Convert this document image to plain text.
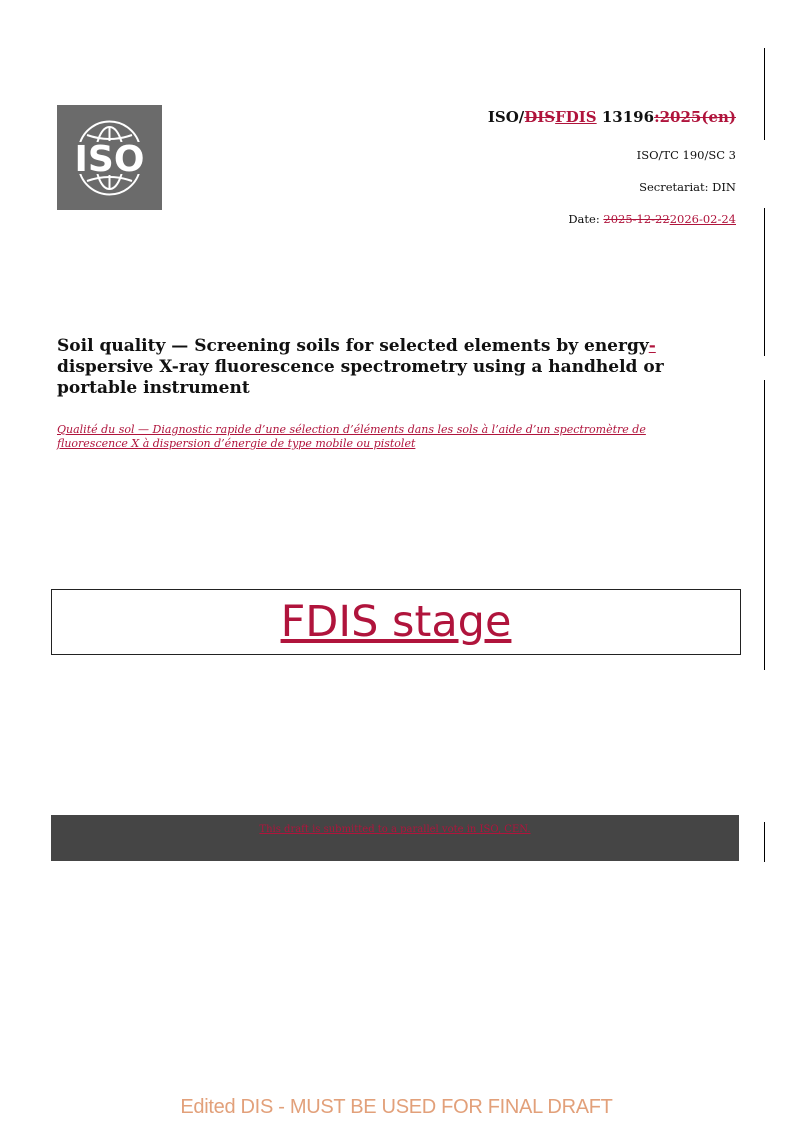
ISO
ISO/DISFDIS 13196:2025(en)
ISO/TC 190/SC 3
Secretariat: DIN
Date: 2025-12-222026-02-24
Soil quality — Screening soils for selected elements by energy-
dispersive X-ray fluorescence spectrometry using a handheld or portable instrument
Qualité du sol — Diagnostic rapide d’une sélection d’éléments dans les sols à l’aide d’un spectromètre de fluorescence X à dispersion d’énergie de type mobile ou pistolet
FDIS stage
This draft is submitted to a parallel vote in ISO, CEN.
Edited DIS - MUST BE USED FOR FINAL DRAFT
